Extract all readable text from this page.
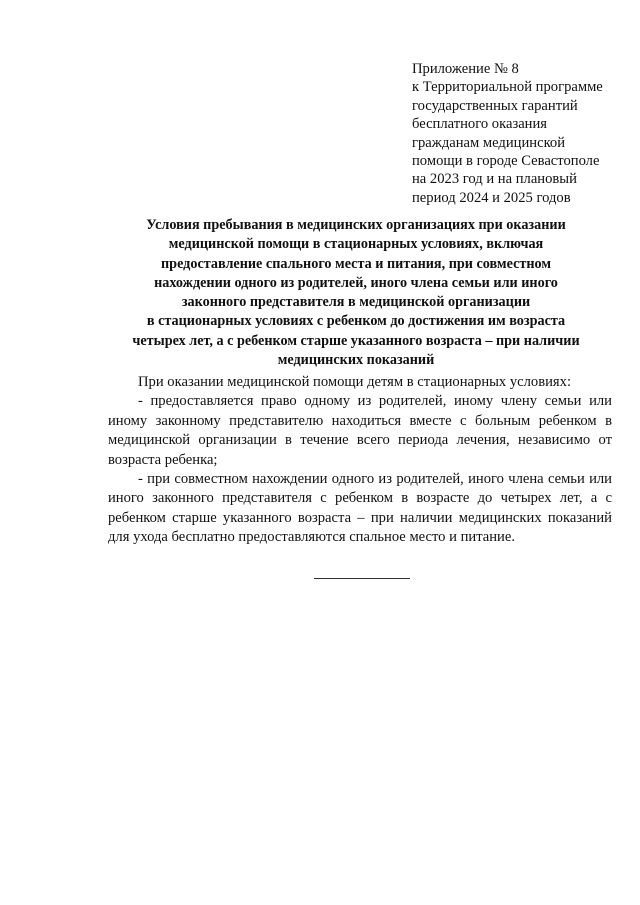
Приложение № 8
к Территориальной программе
государственных гарантий
бесплатного оказания
гражданам медицинской
помощи в городе Севастополе
на 2023 год и на плановый
период 2024 и 2025 годов
Условия пребывания в медицинских организациях при оказании
медицинской помощи в стационарных условиях, включая
предоставление спального места и питания, при совместном
нахождении одного из родителей, иного члена семьи или иного
законного представителя в медицинской организации
в стационарных условиях с ребенком до достижения им возраста
четырех лет, а с ребенком старше указанного возраста – при наличии
медицинских показаний

При оказании медицинской помощи детям в стационарных условиях:

- предоставляется право одному из родителей, иному члену семьи или иному законному представителю находиться вместе с больным ребенком в медицинской организации в течение всего периода лечения, независимо от возраста ребенка;

- при совместном нахождении одного из родителей, иного члена семьи или иного законного представителя с ребенком в возрасте до четырех лет, а с ребенком старше указанного возраста – при наличии медицинских показаний для ухода бесплатно предоставляются спальное место и питание.
